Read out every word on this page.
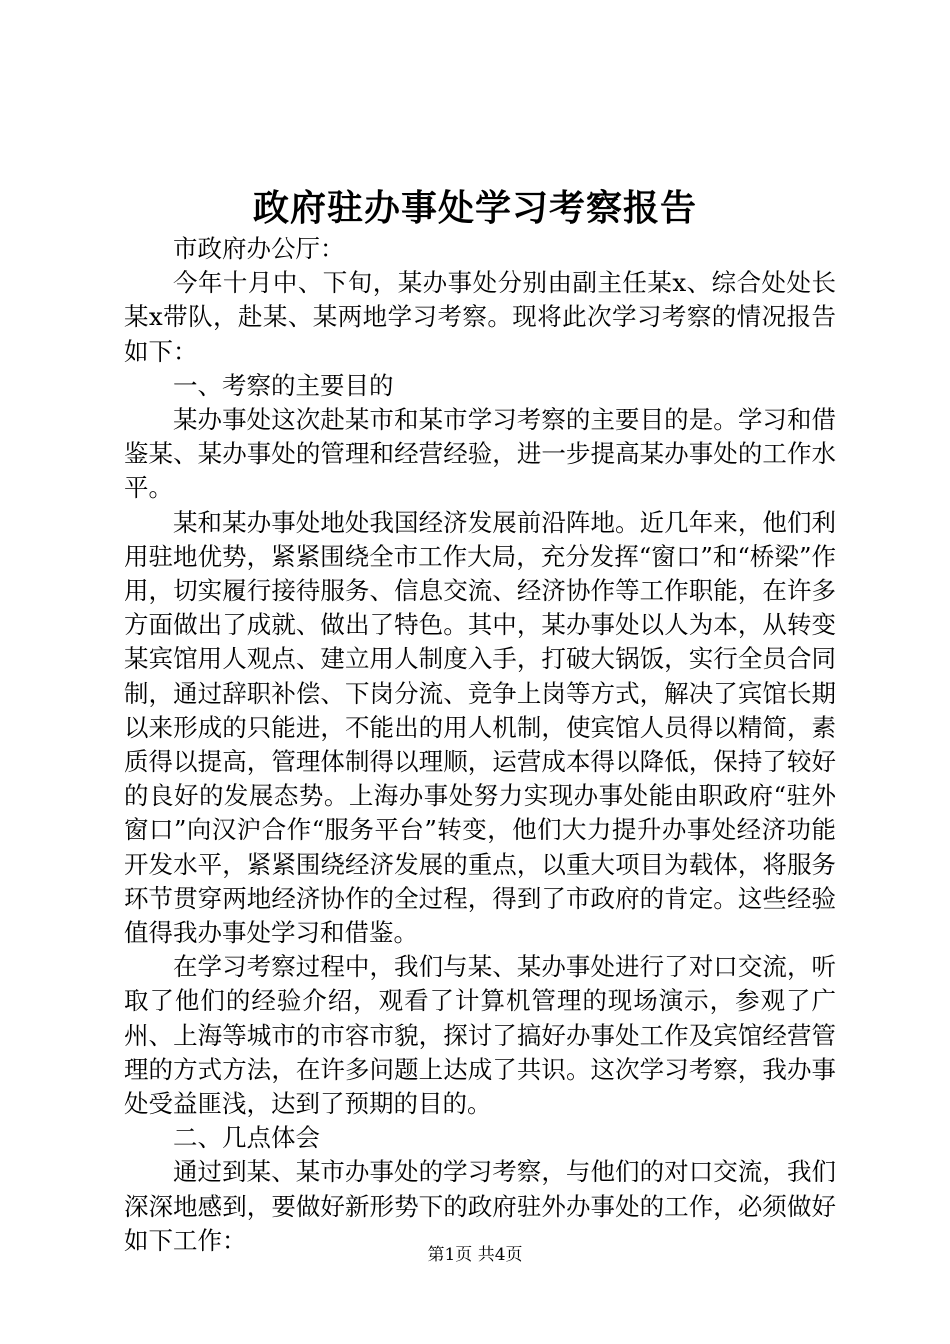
政府驻办事处学习考察报告

市政府办公厅：

今年十月中、下旬，某办事处分别由副主任某x、综合处处长某x带队，赴某、某两地学习考察。现将此次学习考察的情况报告如下：

一、考察的主要目的

某办事处这次赴某市和某市学习考察的主要目的是。学习和借鉴某、某办事处的管理和经营经验，进一步提高某办事处的工作水平。

某和某办事处地处我国经济发展前沿阵地。近几年来，他们利用驻地优势，紧紧围绕全市工作大局，充分发挥“窗口”和“桥梁”作用，切实履行接待服务、信息交流、经济协作等工作职能，在许多方面做出了成就、做出了特色。其中，某办事处以人为本，从转变某宾馆用人观点、建立用人制度入手，打破大锅饭，实行全员合同制，通过辞职补偿、下岗分流、竞争上岗等方式，解决了宾馆长期以来形成的只能进，不能出的用人机制，使宾馆人员得以精简，素质得以提高，管理体制得以理顺，运营成本得以降低，保持了较好的良好的发展态势。上海办事处努力实现办事处能由职政府“驻外窗口”向汉沪合作“服务平台”转变，他们大力提升办事处经济功能开发水平，紧紧围绕经济发展的重点，以重大项目为载体，将服务环节贯穿两地经济协作的全过程，得到了市政府的肯定。这些经验值得我办事处学习和借鉴。

在学习考察过程中，我们与某、某办事处进行了对口交流，听取了他们的经验介绍，观看了计算机管理的现场演示，参观了广州、上海等城市的市容市貌，探讨了搞好办事处工作及宾馆经营管理的方式方法，在许多问题上达成了共识。这次学习考察，我办事处受益匪浅，达到了预期的目的。

二、几点体会

通过到某、某市办事处的学习考察，与他们的对口交流，我们深深地感到，要做好新形势下的政府驻外办事处的工作，必须做好如下工作：

第1页 共4页
